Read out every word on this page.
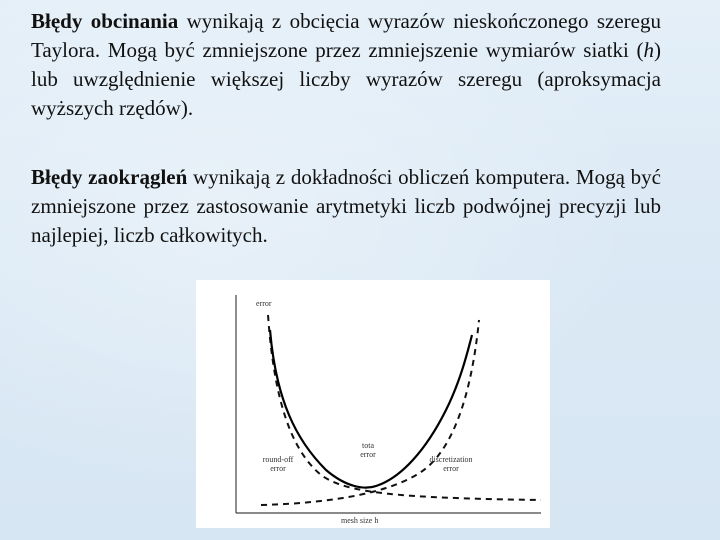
Błędy obcinania wynikają z obcięcia wyrazów nieskończonego szeregu Taylora. Mogą być zmniejszone przez zmniejszenie wymiarów siatki (h) lub uwzględnienie większej liczby wyrazów szeregu (aproksymacja wyższych rzędów).

Błędy zaokrągleń wynikają z dokładności obliczeń komputera. Mogą być zmniejszone przez zastosowanie arytmetyki liczb podwójnej precyzji lub najlepiej, liczb całkowitych.

error
mesh size h
tota
error
round-off
error
discretization
error
